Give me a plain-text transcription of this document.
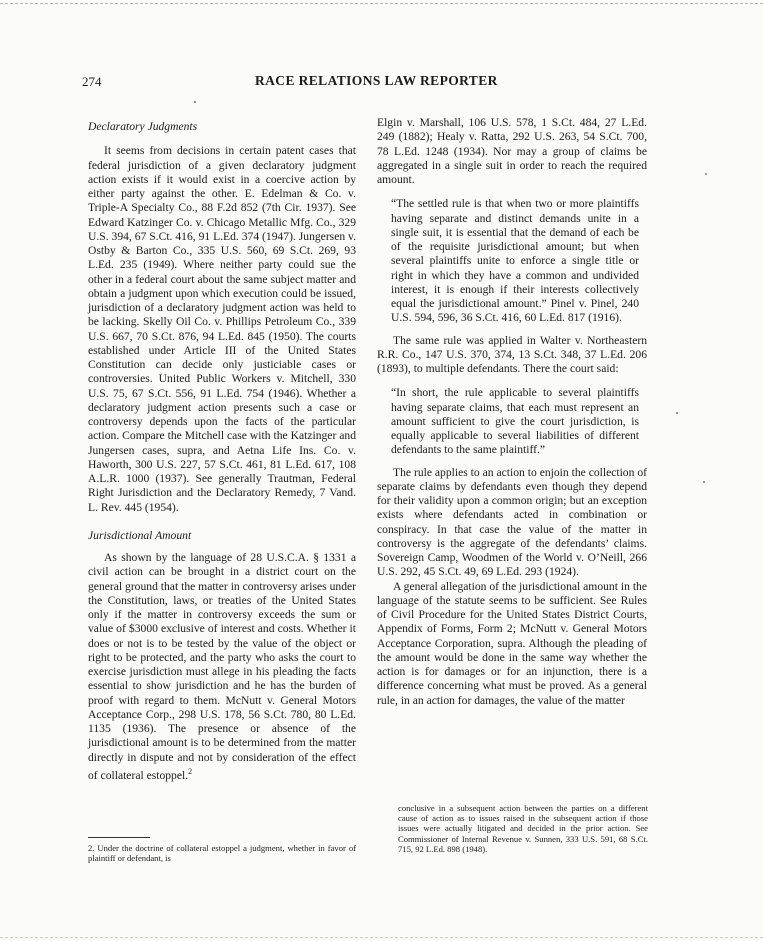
274	RACE RELATIONS LAW REPORTER

Declaratory Judgments

It seems from decisions in certain patent cases that federal jurisdiction of a given declaratory judgment action exists if it would exist in a coercive action by either party against the other. E. Edelman & Co. v. Triple-A Specialty Co., 88 F.2d 852 (7th Cir. 1937). See Edward Katzinger Co. v. Chicago Metallic Mfg. Co., 329 U.S. 394, 67 S.Ct. 416, 91 L.Ed. 374 (1947). Jungersen v. Ostby & Barton Co., 335 U.S. 560, 69 S.Ct. 269, 93 L.Ed. 235 (1949). Where neither party could sue the other in a federal court about the same subject matter and obtain a judgment upon which execution could be issued, jurisdiction of a declaratory judgment action was held to be lacking. Skelly Oil Co. v. Phillips Petroleum Co., 339 U.S. 667, 70 S.Ct. 876, 94 L.Ed. 845 (1950). The courts established under Article III of the United States Constitution can decide only justiciable cases or controversies. United Public Workers v. Mitchell, 330 U.S. 75, 67 S.Ct. 556, 91 L.Ed. 754 (1946). Whether a declaratory judgment action presents such a case or controversy depends upon the facts of the particular action. Compare the Mitchell case with the Katzinger and Jungersen cases, supra, and Aetna Life Ins. Co. v. Haworth, 300 U.S. 227, 57 S.Ct. 461, 81 L.Ed. 617, 108 A.L.R. 1000 (1937). See generally Trautman, Federal Right Jurisdiction and the Declaratory Remedy, 7 Vand. L. Rev. 445 (1954).

Jurisdictional Amount

As shown by the language of 28 U.S.C.A. § 1331 a civil action can be brought in a district court on the general ground that the matter in controversy arises under the Constitution, laws, or treaties of the United States only if the matter in controversy exceeds the sum or value of $3000 exclusive of interest and costs. Whether it does or not is to be tested by the value of the object or right to be protected, and the party who asks the court to exercise jurisdiction must allege in his pleading the facts essential to show jurisdiction and he has the burden of proof with regard to them. McNutt v. General Motors Acceptance Corp., 298 U.S. 178, 56 S.Ct. 780, 80 L.Ed. 1135 (1936). The presence or absence of the jurisdictional amount is to be determined from the matter directly in dispute and not by consideration of the effect of collateral estoppel.$^2$

2. Under the doctrine of collateral estoppel a judgment, whether in favor of plaintiff or defendant, is

Elgin v. Marshall, 106 U.S. 578, 1 S.Ct. 484, 27 L.Ed. 249 (1882); Healy v. Ratta, 292 U.S. 263, 54 S.Ct. 700, 78 L.Ed. 1248 (1934). Nor may a group of claims be aggregated in a single suit in order to reach the required amount.

“The settled rule is that when two or more plaintiffs having separate and distinct demands unite in a single suit, it is essential that the demand of each be of the requisite jurisdictional amount; but when several plaintiffs unite to enforce a single title or right in which they have a common and undivided interest, it is enough if their interests collectively equal the jurisdictional amount.” Pinel v. Pinel, 240 U.S. 594, 596, 36 S.Ct. 416, 60 L.Ed. 817 (1916).

The same rule was applied in Walter v. Northeastern R.R. Co., 147 U.S. 370, 374, 13 S.Ct. 348, 37 L.Ed. 206 (1893), to multiple defendants. There the court said:

“In short, the rule applicable to several plaintiffs having separate claims, that each must represent an amount sufficient to give the court jurisdiction, is equally applicable to several liabilities of different defendants to the same plaintiff.”

The rule applies to an action to enjoin the collection of separate claims by defendants even though they depend for their validity upon a common origin; but an exception exists where defendants acted in combination or conspiracy. In that case the value of the matter in controversy is the aggregate of the defendants’ claims. Sovereign Camp, Woodmen of the World v. O’Neill, 266 U.S. 292, 45 S.Ct. 49, 69 L.Ed. 293 (1924).

A general allegation of the jurisdictional amount in the language of the statute seems to be sufficient. See Rules of Civil Procedure for the United States District Courts, Appendix of Forms, Form 2; McNutt v. General Motors Acceptance Corporation, supra. Although the pleading of the amount would be done in the same way whether the action is for damages or for an injunction, there is a difference concerning what must be proved. As a general rule, in an action for damages, the value of the matter

conclusive in a subsequent action between the parties on a different cause of action as to issues raised in the subsequent action if those issues were actually litigated and decided in the prior action. See Commissioner of Internal Revenue v. Sunnen, 333 U.S. 591, 68 S.Ct. 715, 92 L.Ed. 898 (1948).
